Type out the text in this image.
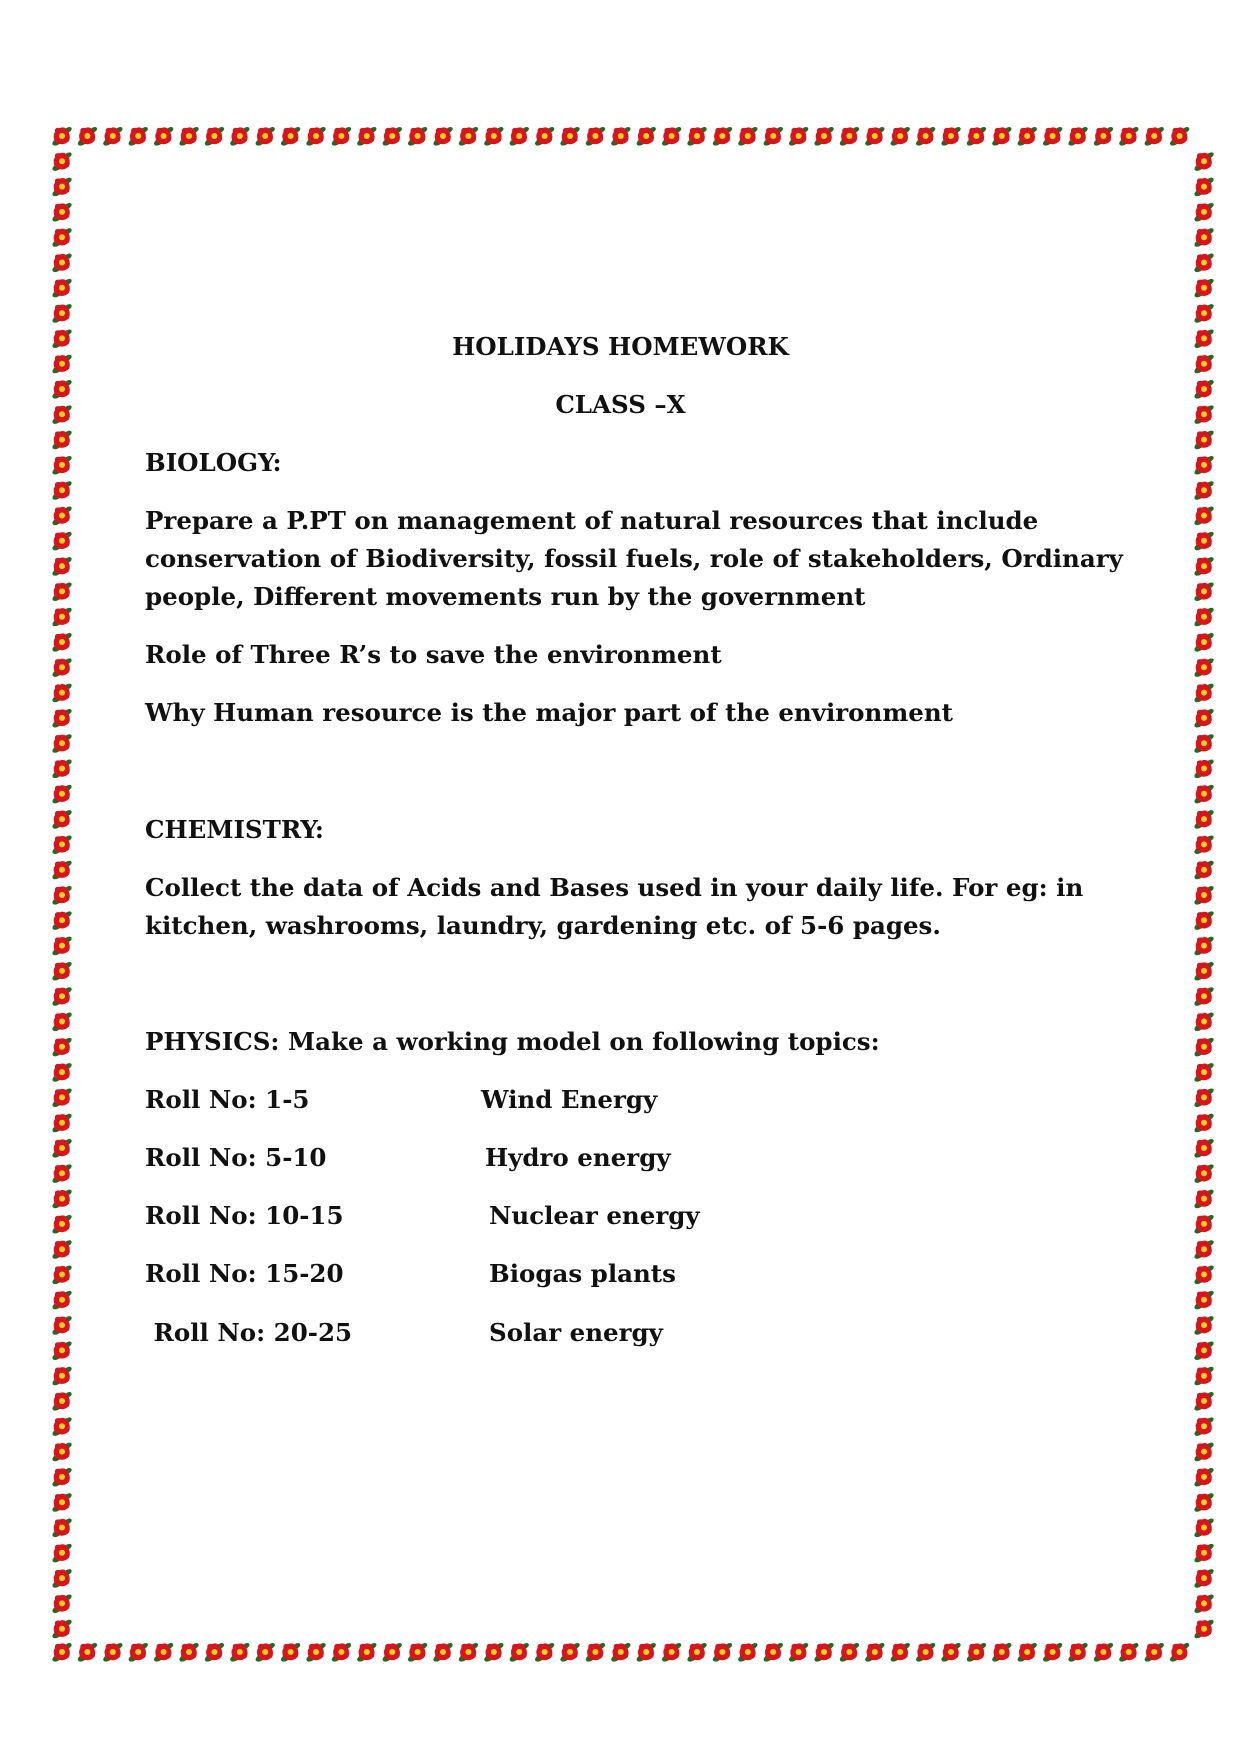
HOLIDAYS HOMEWORK

CLASS –X

BIOLOGY:

Prepare a P.PT on management of natural resources that include

conservation of Biodiversity, fossil fuels, role of stakeholders, Ordinary

people, Different movements run by the government

Role of Three R’s to save the environment

Why Human resource is the major part of the environment

CHEMISTRY:

Collect the data of Acids and Bases used in your daily life. For eg: in

kitchen, washrooms, laundry, gardening etc. of 5-6 pages.

PHYSICS: Make a working model on following topics:

Roll No: 1-5	Wind Energy

Roll No: 5-10	Hydro energy

Roll No: 10-15	Nuclear energy

Roll No: 15-20	Biogas plants

Roll No: 20-25	Solar energy
